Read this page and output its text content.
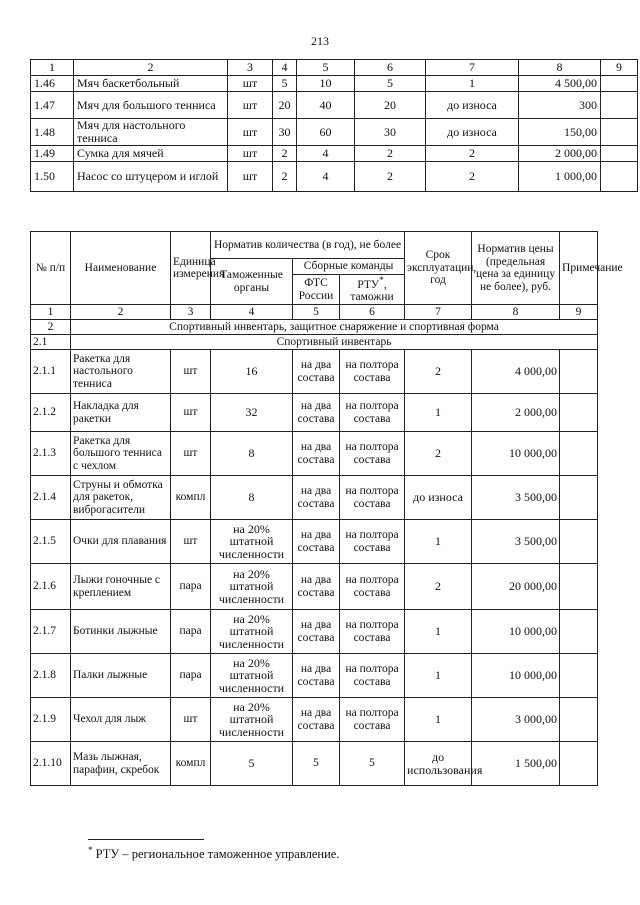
213
1	2	3	4	5	6	7	8	9
1.46	Мяч баскетбольный	шт	5	10	5	1	4 500,00	
1.47	Мяч для большого тенниса	шт	20	40	20	до износа	300	
1.48	Мяч для настольного тенниса	шт	30	60	30	до износа	150,00	
1.49	Сумка для мячей	шт	2	4	2	2	2 000,00	
1.50	Насос со штуцером и иглой	шт	2	4	2	2	1 000,00	
№ п/п	Наименование	Единица измерения	Норматив количества (в год), не более			Срок эксплуатации, год	Норматив цены (предельная цена за единицу не более), руб.	Примечание
			Таможенные органы	Сборные команды				
				ФТС России	РТУ*, таможни			
1	2	3	4	5	6	7	8	9
2	Спортивный инвентарь, защитное снаряжение и спортивная форма							
2.1	Спортивный инвентарь							
2.1.1	Ракетка для настольного тенниса	шт	16	на два состава	на полтора состава	2	4 000,00	
2.1.2	Накладка для ракетки	шт	32	на два состава	на полтора состава	1	2 000,00	
2.1.3	Ракетка для большого тенниса с чехлом	шт	8	на два состава	на полтора состава	2	10 000,00	
2.1.4	Струны и обмотка для ракеток, виброгасители	компл	8	на два состава	на полтора состава	до износа	3 500,00	
2.1.5	Очки для плавания	шт	на 20% штатной численности	на два состава	на полтора состава	1	3 500,00	
2.1.6	Лыжи гоночные с креплением	пара	на 20% штатной численности	на два состава	на полтора состава	2	20 000,00	
2.1.7	Ботинки лыжные	пара	на 20% штатной численности	на два состава	на полтора состава	1	10 000,00	
2.1.8	Палки лыжные	пара	на 20% штатной численности	на два состава	на полтора состава	1	10 000,00	
2.1.9	Чехол для лыж	шт	на 20% штатной численности	на два состава	на полтора состава	1	3 000,00	
2.1.10	Мазь лыжная, парафин, скребок	компл	5	5	5	до использования	1 500,00	
* РТУ – региональное таможенное управление.
